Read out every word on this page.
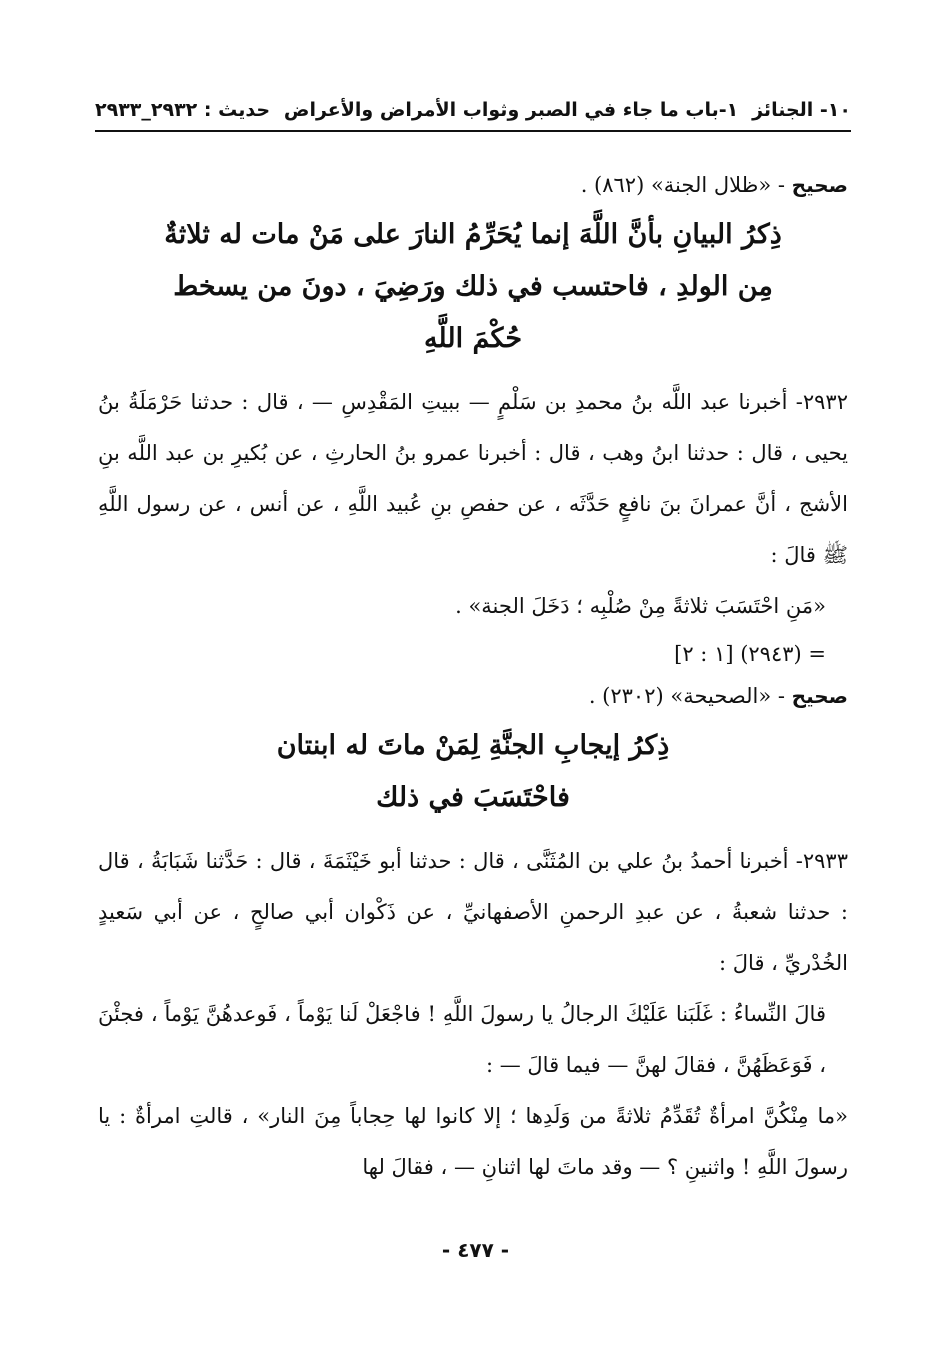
١٠- الجنائز
١-باب ما جاء في الصبر وثواب الأمراض والأعراض
حديث : ٢٩٣٢_٢٩٣٣
صحيح - «ظلال الجنة» (٨٦٢) .
ذِكرُ البيانِ بأنَّ اللَّهَ إنما يُحَرِّمُ النارَ على مَنْ مات له ثلاثةٌ
مِن الولدِ ، فاحتسب في ذلك ورَضِيَ ، دونَ من يسخط
حُكْمَ اللَّهِ

٢٩٣٢- أخبرنا عبد اللَّه بنُ محمدِ بن سَلْمٍ — ببيتِ المَقْدِسِ — ، قال : حدثنا حَرْمَلَةُ بنُ يحيى ، قال : حدثنا ابنُ وهب ، قال : أخبرنا عمرو بنُ الحارثِ ، عن بُكيرِ بن عبد اللَّه بنِ الأشج ، أنَّ عمرانَ بنَ نافعٍ حَدَّثَه ، عن حفصِ بنِ عُبيد اللَّهِ ، عن أنس ، عن رسول اللَّهِ ﷺ قالَ :

«مَنِ احْتَسَبَ ثلاثةً مِنْ صُلْبِه ؛ دَخَلَ الجنة» .
= (٢٩٤٣) [١ : ٢]
صحيح - «الصحيحة» (٢٣٠٢) .
ذِكرُ إيجابِ الجنَّةِ لِمَنْ ماتَ له ابنتان
فاحْتَسَبَ في ذلك

٢٩٣٣- أخبرنا أحمدُ بنُ علي بن المُثَنَّى ، قال : حدثنا أبو خَيْثَمَةَ ، قال : حَدَّثنا شَبَابَةُ ، قال : حدثنا شعبةُ ، عن عبدِ الرحمنِ الأصفهانيِّ ، عن ذَكْوان أبي صالحٍ ، عن أبي سَعيدٍ الخُدْريِّ ، قالَ :

قالَ النِّساءُ : غَلَبَنا عَلَيْكَ الرجالُ يا رسولَ اللَّهِ ! فاجْعَلْ لَنا يَوْماً ، فَوعدهُنَّ يَوْماً ، فجئْنَ ، فَوَعَظَهُنَّ ، فقالَ لهنَّ — فيما قالَ — :

«ما مِنْكُنَّ امرأةٌ تُقَدِّمُ ثلاثةً من وَلَدِها ؛ إلا كانوا لها حِجاباً مِنَ النار» ، قالتِ امرأةٌ : يا رسولَ اللَّهِ ! واثنينِ ؟ — وقد ماتَ لها اثنانِ — ، فقالَ لها

- ٤٧٧ -
